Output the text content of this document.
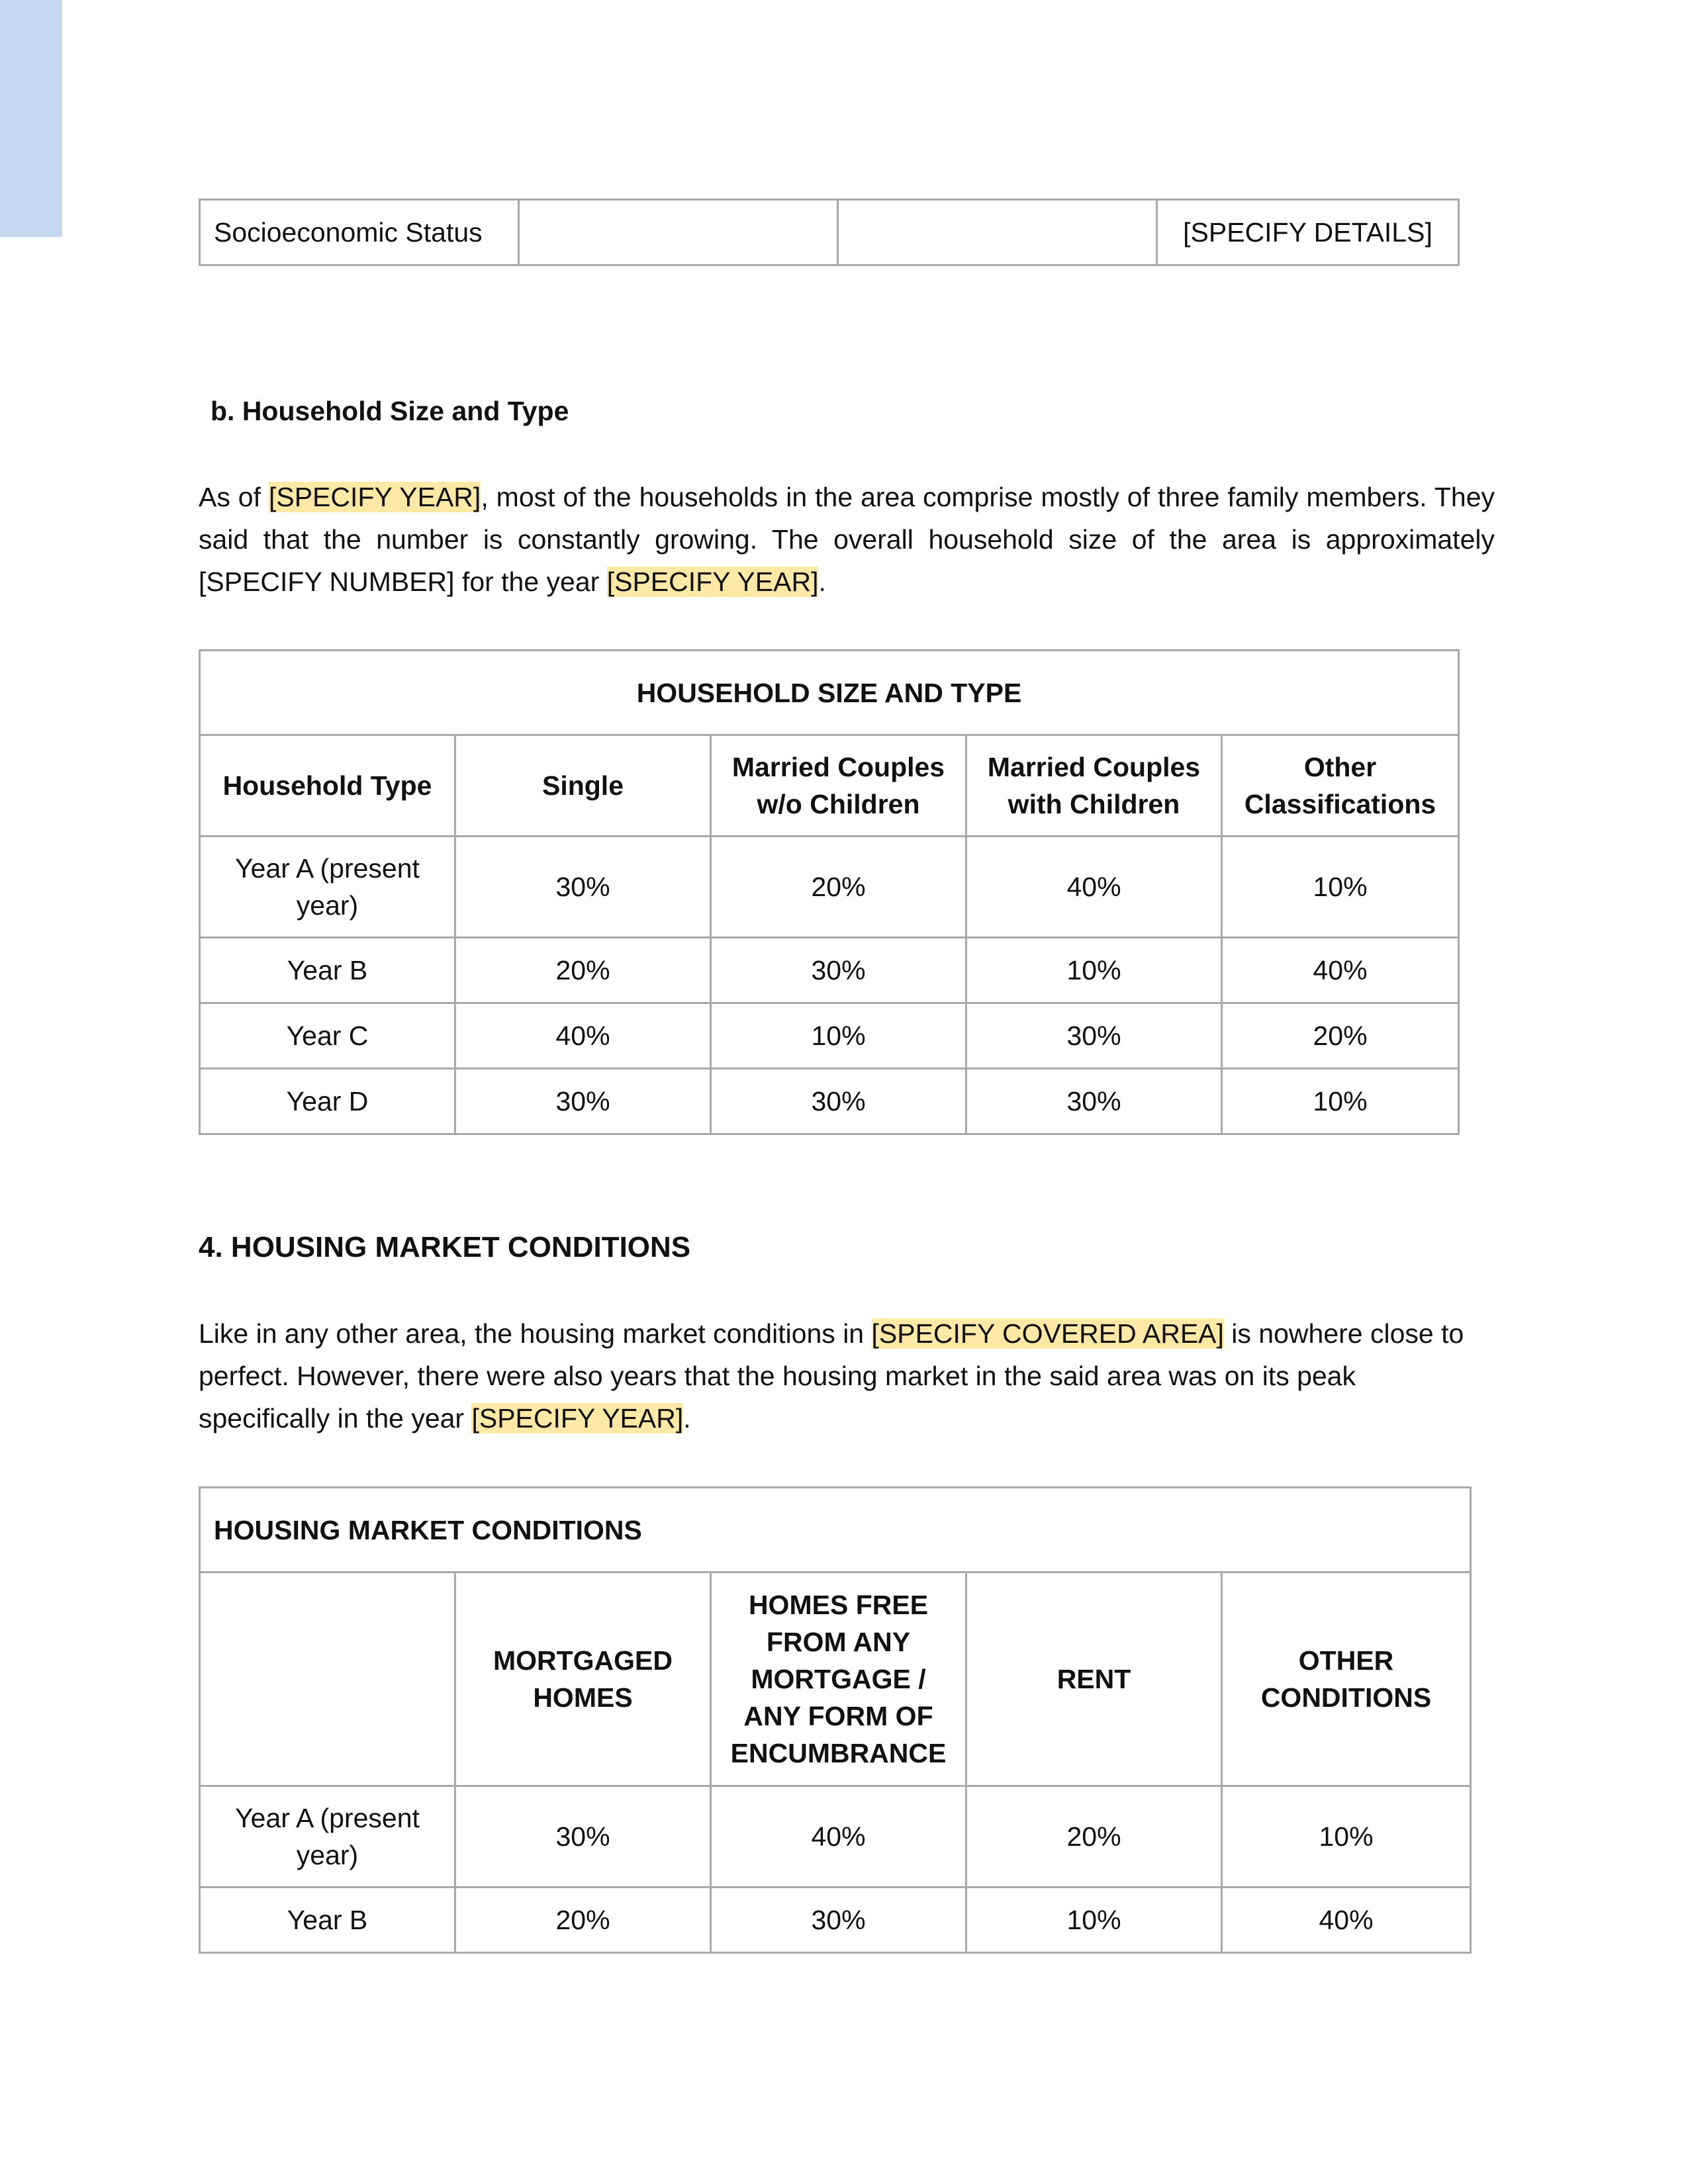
Socioeconomic Status			[SPECIFY DETAILS]
b. Household Size and Type

As of [SPECIFY YEAR], most of the households in the area comprise mostly of three family members. They said that the number is constantly growing. The overall household size of the area is approximately [SPECIFY NUMBER] for the year [SPECIFY YEAR].

HOUSEHOLD SIZE AND TYPE				
Household Type	Single	Married Couples w/o Children	Married Couples with Children	Other Classifications
Year A (present year)	30%	20%	40%	10%
Year B	20%	30%	10%	40%
Year C	40%	10%	30%	20%
Year D	30%	30%	30%	10%
4. HOUSING MARKET CONDITIONS

Like in any other area, the housing market conditions in [SPECIFY COVERED AREA] is nowhere close to perfect. However, there were also years that the housing market in the said area was on its peak specifically in the year [SPECIFY YEAR].

HOUSING MARKET CONDITIONS				
	MORTGAGED HOMES	HOMES FREE FROM ANY MORTGAGE / ANY FORM OF ENCUMBRANCE	RENT	OTHER CONDITIONS
Year A (present year)	30%	40%	20%	10%
Year B	20%	30%	10%	40%
